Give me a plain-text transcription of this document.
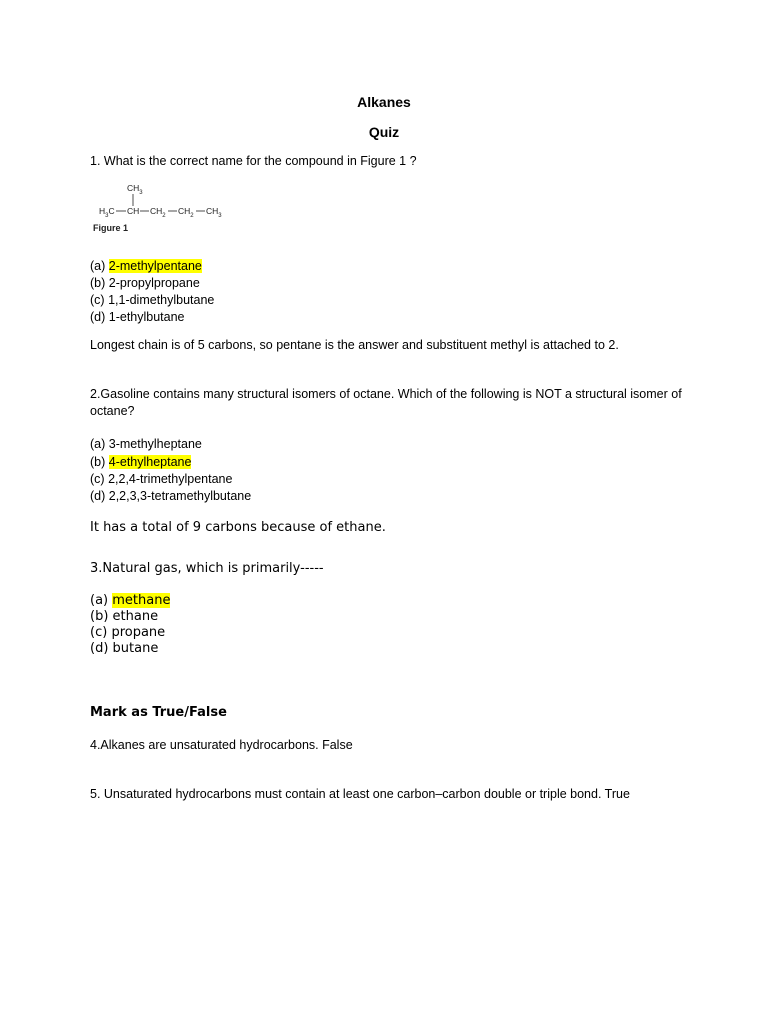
Alkanes
Quiz
1. What is the correct name for the compound in Figure 1 ?
$CH_3$
$H_3C$ CH $CH_2$ $CH_2$ $CH_3$
Figure 1
(a) 2-methylpentane
(b) 2-propylpropane
(c) 1,1-dimethylbutane
(d) 1-ethylbutane
Longest chain is of 5 carbons, so pentane is the answer and substituent methyl is attached to 2.
2.Gasoline contains many structural isomers of octane. Which of the following is NOT a structural isomer of octane?
(a) 3-methylheptane
(b) 4-ethylheptane
(c) 2,2,4-trimethylpentane
(d) 2,2,3,3-tetramethylbutane
It has a total of 9 carbons because of ethane.
3.Natural gas, which is primarily-----
(a) methane
(b) ethane
(c) propane
(d) butane
Mark as True/False
4.Alkanes are unsaturated hydrocarbons. False
5. Unsaturated hydrocarbons must contain at least one carbon–carbon double or triple bond. True
